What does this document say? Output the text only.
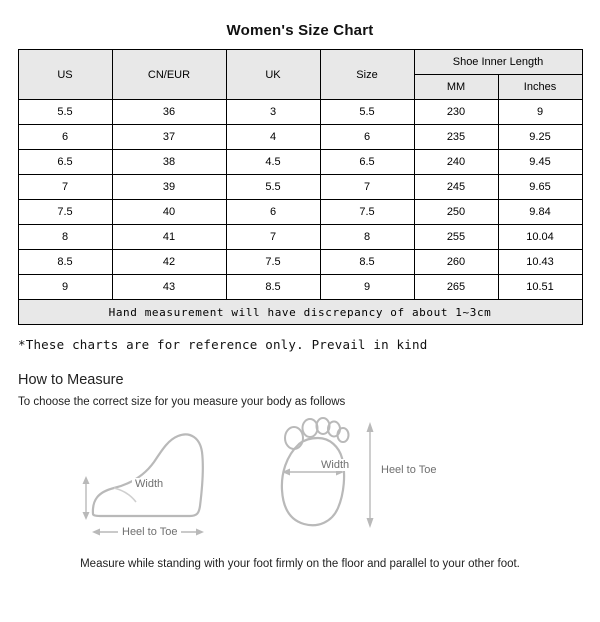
Women's Size Chart
US	CN/EUR	UK	Size	Shoe Inner Length	
				MM	Inches
5.5	36	3	5.5	230	9
6	37	4	6	235	9.25
6.5	38	4.5	6.5	240	9.45
7	39	5.5	7	245	9.65
7.5	40	6	7.5	250	9.84
8	41	7	8	255	10.04
8.5	42	7.5	8.5	260	10.43
9	43	8.5	9	265	10.51
Hand measurement will have discrepancy of about 1~3cm					
*These charts are for reference only. Prevail in kind
How to Measure
To choose the correct size for you measure your body as follows
Width
Heel to Toe
Width	Heel to Toe
Measure while standing with your foot firmly on the floor and parallel to your other foot.
